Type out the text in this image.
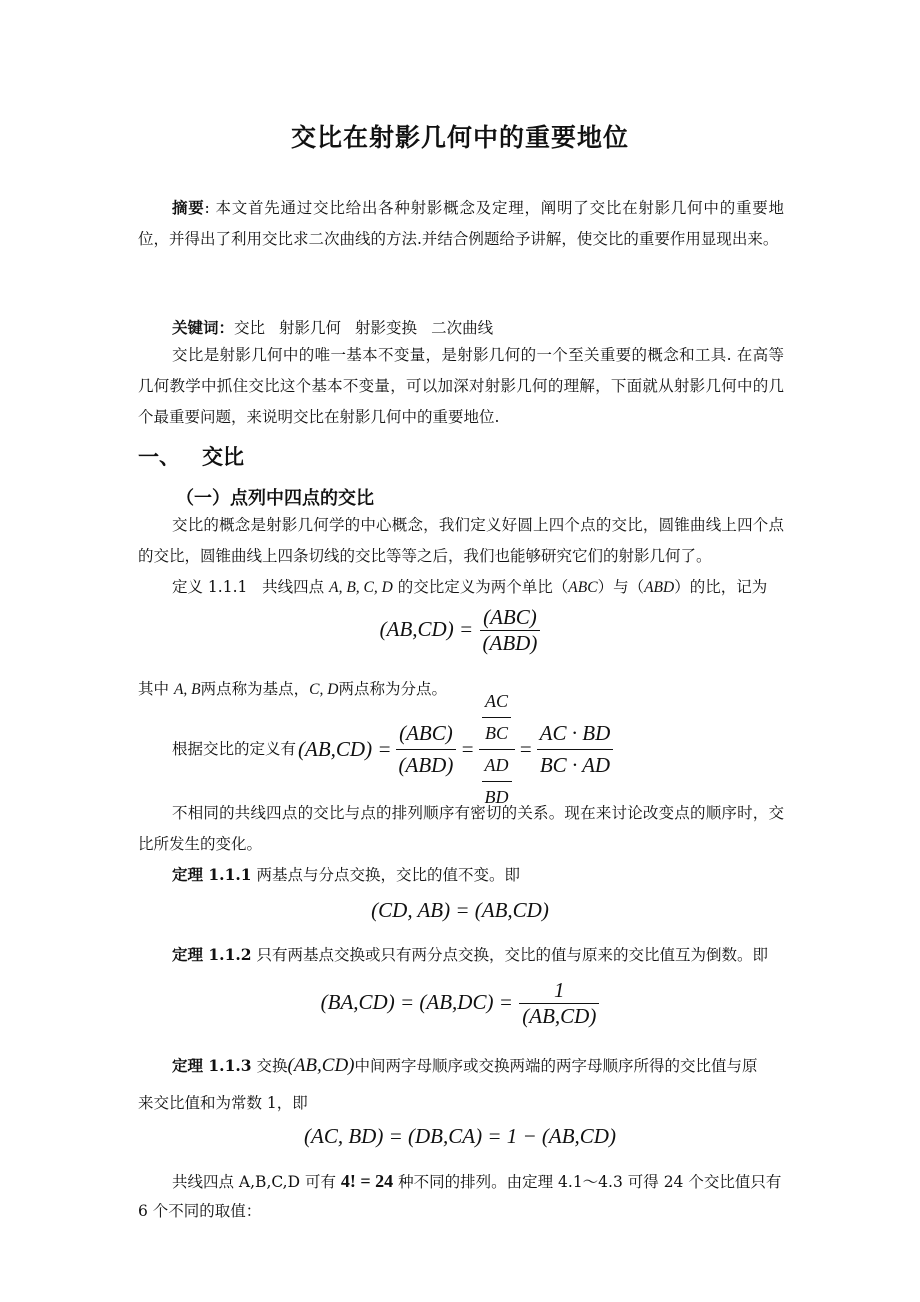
交比在射影几何中的重要地位
摘要: 本文首先通过交比给出各种射影概念及定理，阐明了交比在射影几何中的重要地位，并得出了利用交比求二次曲线的方法.并结合例题给予讲解，使交比的重要作用显现出来。
关键词：交比 射影几何 射影变换 二次曲线
交比是射影几何中的唯一基本不变量，是射影几何的一个至关重要的概念和工具. 在高等几何教学中抓住交比这个基本不变量，可以加深对射影几何的理解，下面就从射影几何中的几个最重要问题，来说明交比在射影几何中的重要地位.
一、 交比
（一）点列中四点的交比
交比的概念是射影几何学的中心概念，我们定义好圆上四个点的交比，圆锥曲线上四个点的交比，圆锥曲线上四条切线的交比等等之后，我们也能够研究它们的射影几何了。
定义 1.1.1 共线四点 A, B, C, D 的交比定义为两个单比（ABC）与（ABD）的比，记为
$(AB,CD) = \frac{\text{(ABC)}}{\text{(ABD)}}$
其中 A, B两点称为基点，C, D两点称为分点。
根据交比的定义有 $(AB,CD) = \frac{\text{(ABC)}}{\text{(ABD)}} = \frac{\frac{AC}{BC}}{\frac{AD}{BD}} = \frac{AC \cdot BD}{BC \cdot AD}$
不相同的共线四点的交比与点的排列顺序有密切的关系。现在来讨论改变点的顺序时，交比所发生的变化。
定理 1.1.1 两基点与分点交换，交比的值不变。即
(CD, AB) = (AB,CD)
定理 1.1.2 只有两基点交换或只有两分点交换，交比的值与原来的交比值互为倒数。即
$(BA,CD) = (AB,DC) = \frac{1}{(AB,CD)}$
定理 1.1.3 交换(AB,CD)中间两字母顺序或交换两端的两字母顺序所得的交比值与原
来交比值和为常数 1，即
(AC, BD) = (DB,CA) = 1 − (AB,CD)
共线四点 A,B,C,D 可有 4! = 24 种不同的排列。由定理 4.1～4.3 可得 24 个交比值只有
6 个不同的取值：
